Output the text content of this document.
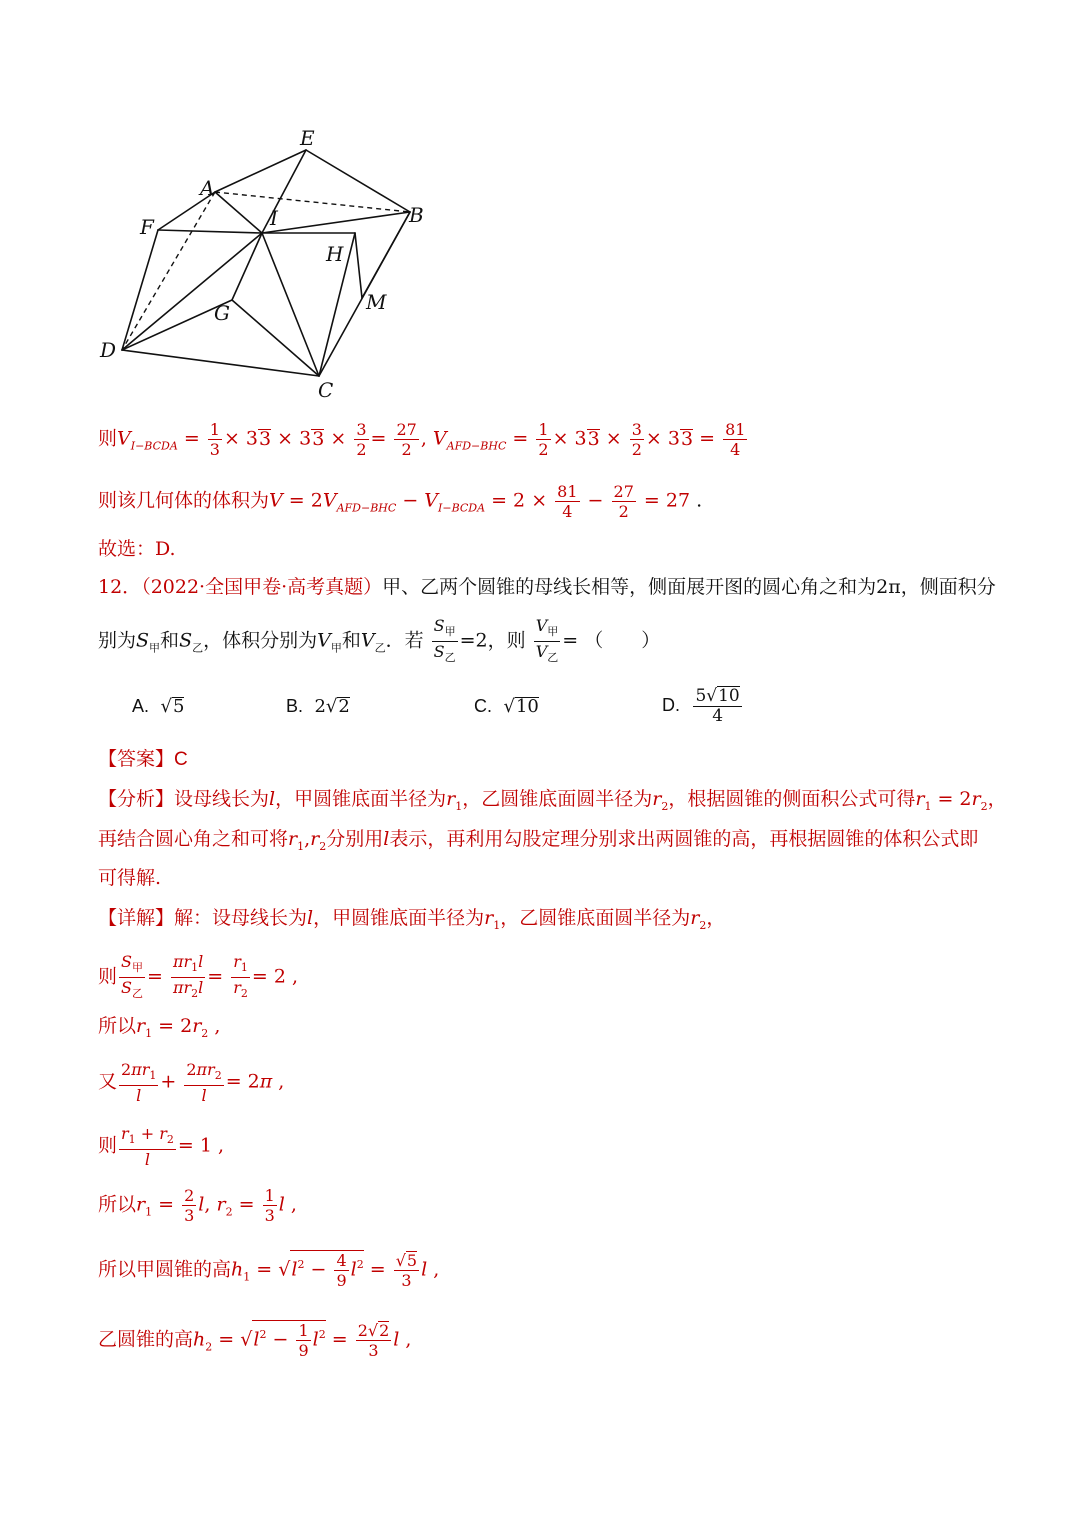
E
A
I	B
F
H
M
G
D
C
则$V_{I-BCDA} = \frac{1}{3} \times 33 \times 33 \times \frac{3}{2} = \frac{27}{2}$ , $V_{AFD-BHC} = \frac{1}{2} \times 33 \times \frac{3}{2} \times 33 = \frac{81}{4}$
则该几何体的体积为$V = 2V_{AFD-BHC} - V_{I-BCDA} = 2 \times \frac{81}{4} - \frac{27}{2} = 27$ .
故选：D.
12．（2022·全国甲卷·高考真题）甲、乙两个圆锥的母线长相等，侧面展开图的圆心角之和为2π，侧面积分
别为$S_甲$和$S_乙$，体积分别为$V_甲$和$V_乙$．若 $\frac{S_甲}{S_乙} =2$，则 $\frac{V_甲}{V_乙}$ = （　　）
A. √5	B. 2√2	C. √10	D. $\frac{5√10}{4}$
【答案】C
【分析】设母线长为l，甲圆锥底面半径为$r_1$，乙圆锥底面圆半径为$r_2$，根据圆锥的侧面积公式可得$r_1 = 2r_2$，
再结合圆心角之和可将$r_1,r_2$分别用l表示，再利用勾股定理分别求出两圆锥的高，再根据圆锥的体积公式即
可得解.
【详解】解：设母线长为l，甲圆锥底面半径为$r_1$，乙圆锥底面圆半径为$r_2$，
则 $\frac{S_甲}{S_乙} = \frac{\pi r_1l}{\pi r_2l} = \frac{r_1}{r_2} = 2$ ,
所以$r_1 = 2r_2$ ,
又 $\frac{2\pi r_1}{l} + \frac{2\pi r_2}{l} = 2\pi$ ,
则 $\frac{r_1 + r_2}{l} = 1$ ,
所以$r_1 = \frac{2}{3} l$, $r_2 = \frac{1}{3}$ l ,
所以甲圆锥的高$h_1 = √l^2 - \frac{4}{9} l^2 = \frac{√5}{3}$ l ,
乙圆锥的高$h_2 = √l^2 - \frac{1}{9} l^2 = \frac{2√2}{3}$ l ,
